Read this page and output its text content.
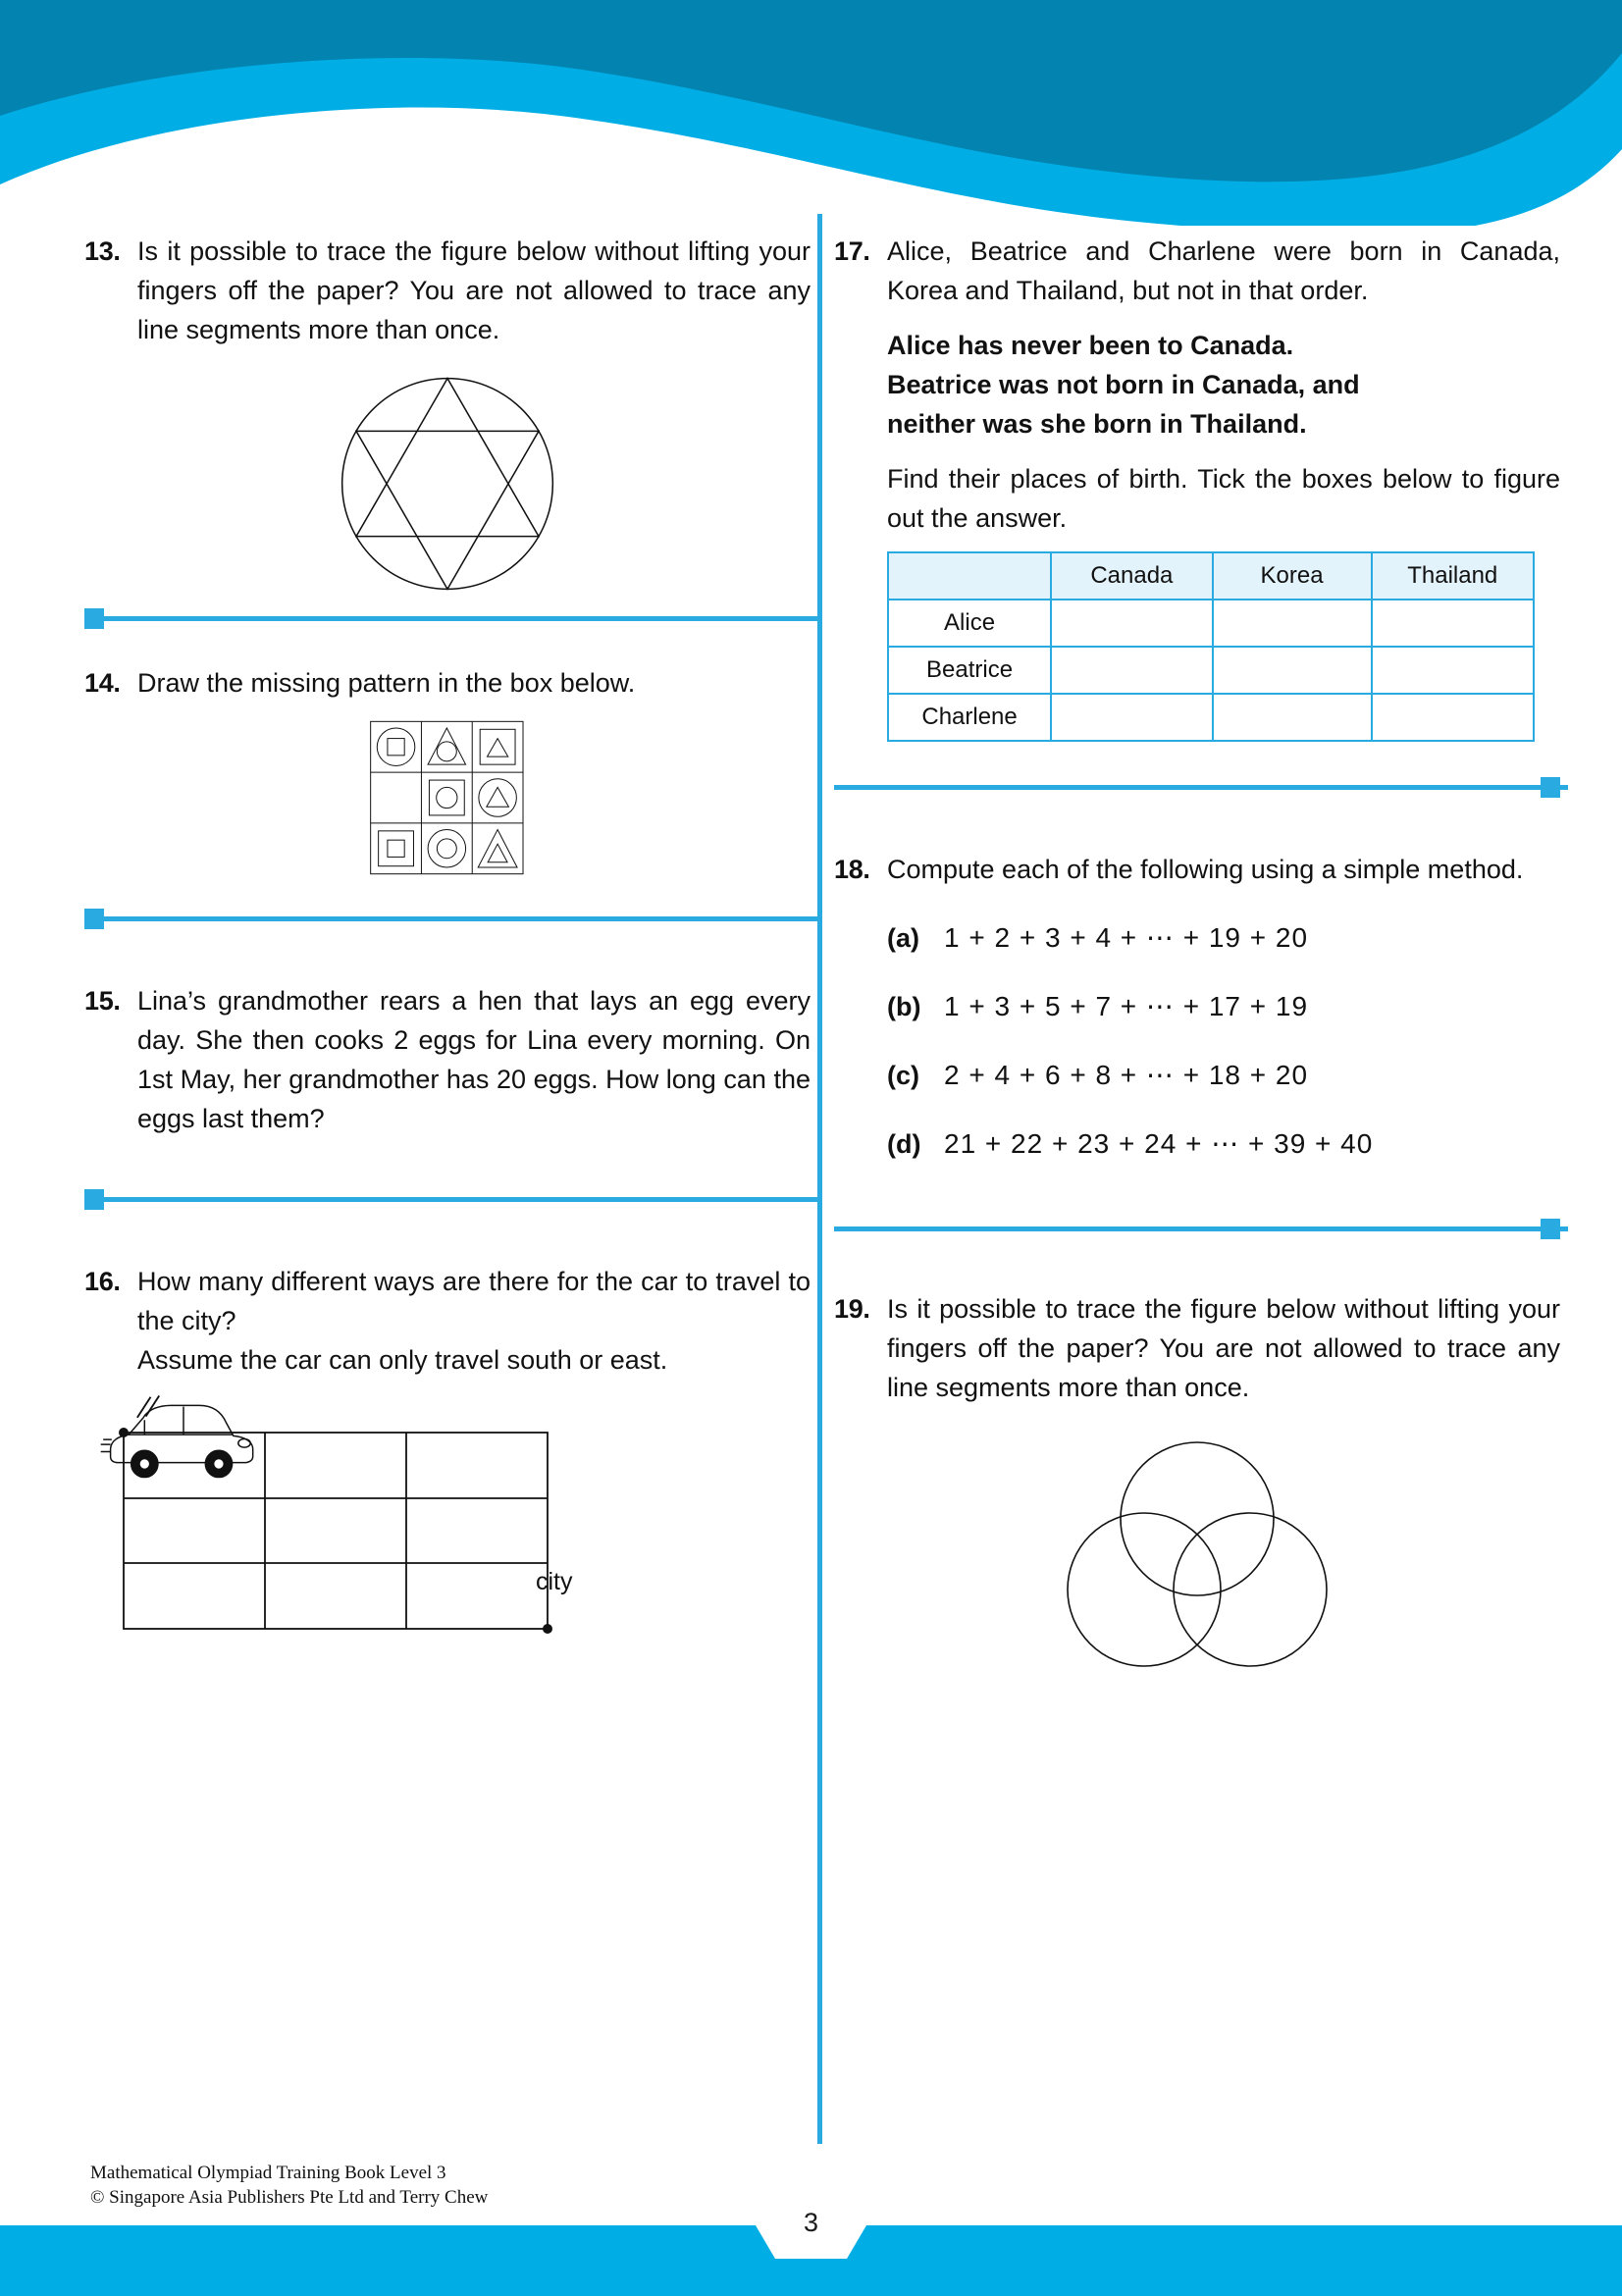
13. Is it possible to trace the figure below without lifting your fingers off the paper? You are not allowed to trace any line segments more than once.
14. Draw the missing pattern in the box below.
15. Lina’s grandmother rears a hen that lays an egg every day. She then cooks 2 eggs for Lina every morning. On 1st May, her grandmother has 20 eggs. How long can the eggs last them?
16. How many different ways are there for the car to travel to the city?
Assume the car can only travel south or east.
city
17. Alice, Beatrice and Charlene were born in Canada, Korea and Thailand, but not in that order.
Alice has never been to Canada.
Beatrice was not born in Canada, and
neither was she born in Thailand.
Find their places of birth. Tick the boxes below to figure out the answer.
	Canada	Korea	Thailand
Alice			
Beatrice			
Charlene			
18. Compute each of the following using a simple method.
(a) 1 + 2 + 3 + 4 + ⋯ + 19 + 20
(b) 1 + 3 + 5 + 7 + ⋯ + 17 + 19
(c) 2 + 4 + 6 + 8 + ⋯ + 18 + 20
(d) 21 + 22 + 23 + 24 + ⋯ + 39 + 40
19. Is it possible to trace the figure below without lifting your fingers off the paper? You are not allowed to trace any line segments more than once.
Mathematical Olympiad Training Book Level 3
© Singapore Asia Publishers Pte Ltd and Terry Chew
3
